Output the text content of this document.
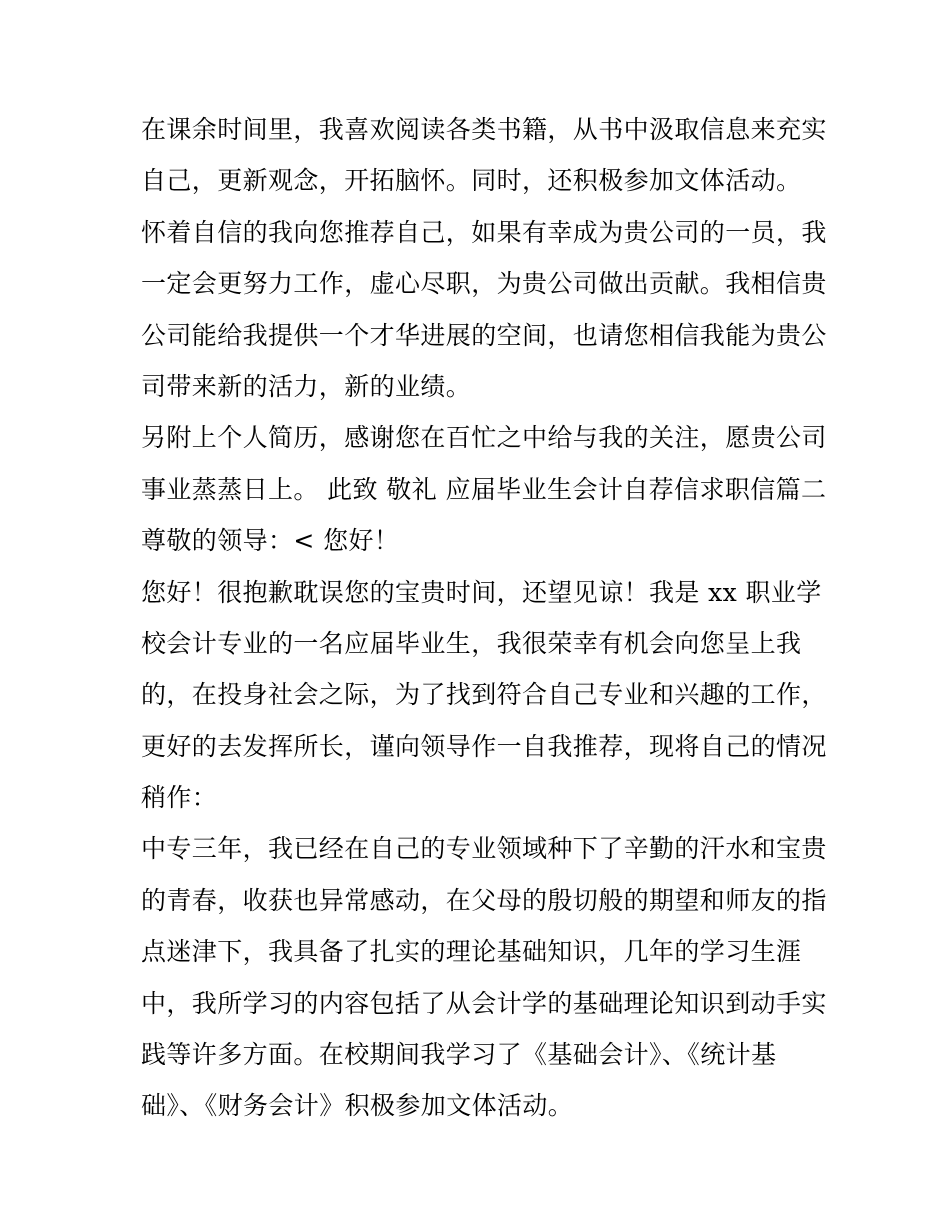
在课余时间里，我喜欢阅读各类书籍，从书中汲取信息来充实
自己，更新观念，开拓脑怀。同时，还积极参加文体活动。
怀着自信的我向您推荐自己，如果有幸成为贵公司的一员，我
一定会更努力工作，虚心尽职，为贵公司做出贡献。我相信贵
公司能给我提供一个才华进展的空间，也请您相信我能为贵公
司带来新的活力，新的业绩。
另附上个人简历，感谢您在百忙之中给与我的关注，愿贵公司
事业蒸蒸日上。 此致 敬礼 应届毕业生会计自荐信求职信篇二
尊敬的领导：< 您好！
您好！很抱歉耽误您的宝贵时间，还望见谅！我是 xx 职业学
校会计专业的一名应届毕业生，我很荣幸有机会向您呈上我
的，在投身社会之际，为了找到符合自己专业和兴趣的工作，
更好的去发挥所长，谨向领导作一自我推荐，现将自己的情况
稍作：
中专三年，我已经在自己的专业领域种下了辛勤的汗水和宝贵
的青春，收获也异常感动，在父母的殷切般的期望和师友的指
点迷津下，我具备了扎实的理论基础知识，几年的学习生涯
中，我所学习的内容包括了从会计学的基础理论知识到动手实
践等许多方面。在校期间我学习了《基础会计》、《统计基
础》、《财务会计》积极参加文体活动。
